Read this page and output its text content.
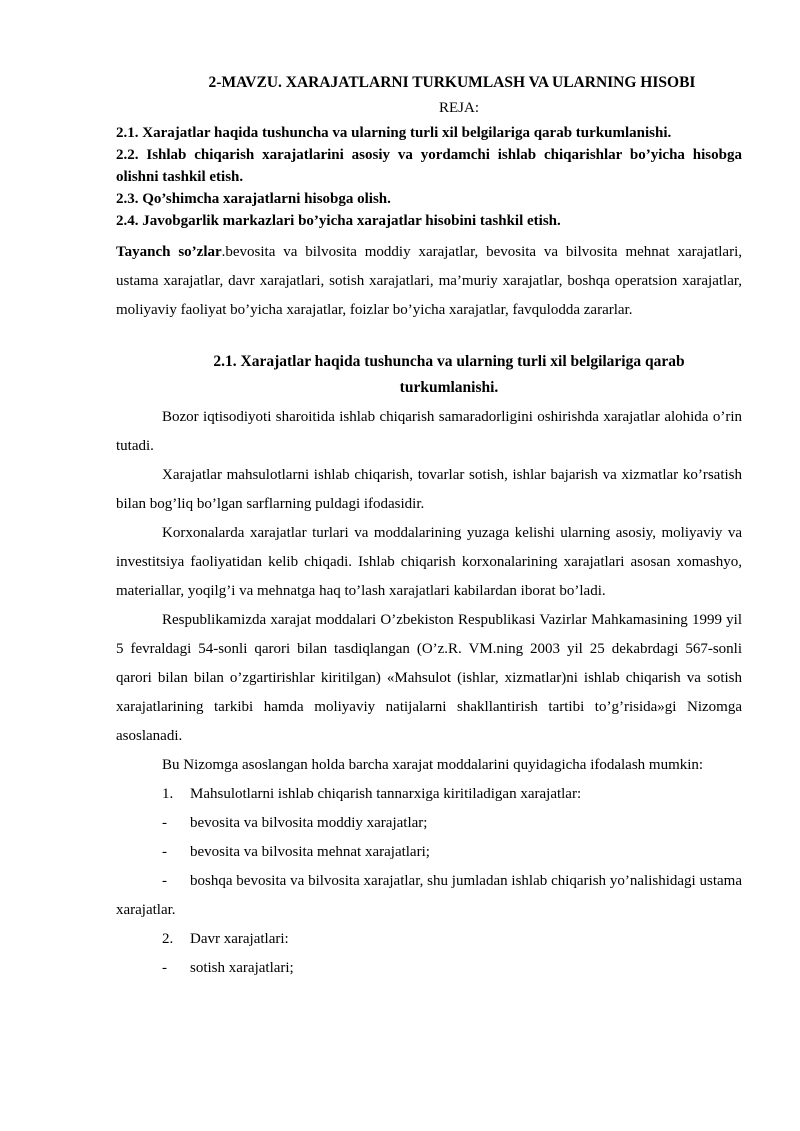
2-MAVZU. XARAJATLARNI TURKUMLASH VA ULARNING HISOBI
REJA:
2.1. Xarajatlar haqida tushuncha va ularning turli xil belgilariga qarab turkumlanishi.
2.2. Ishlab chiqarish xarajatlarini asosiy va yordamchi ishlab chiqarishlar bo’yicha hisobga olishni tashkil etish.
2.3. Qo’shimcha xarajatlarni hisobga olish.
2.4. Javobgarlik markazlari bo’yicha xarajatlar hisobini tashkil etish.
Tayanch so’zlar.bevosita va bilvosita moddiy xarajatlar, bevosita va bilvosita mehnat xarajatlari, ustama xarajatlar, davr xarajatlari, sotish xarajatlari, ma’muriy xarajatlar, boshqa operatsion xarajatlar, moliyaviy faoliyat bo’yicha xarajatlar, foizlar bo’yicha xarajatlar, favqulodda zararlar.
2.1. Xarajatlar haqida tushuncha va ularning turli xil belgilariga qarab
turkumlanishi.

Bozor iqtisodiyoti sharoitida ishlab chiqarish samaradorligini oshirishda xarajatlar alohida o’rin tutadi.

Xarajatlar mahsulotlarni ishlab chiqarish, tovarlar sotish, ishlar bajarish va xizmatlar ko’rsatish bilan bog’liq bo’lgan sarflarning puldagi ifodasidir.

Korxonalarda xarajatlar turlari va moddalarining yuzaga kelishi ularning asosiy, moliyaviy va investitsiya faoliyatidan kelib chiqadi. Ishlab chiqarish korxonalarining xarajatlari asosan xomashyo, materiallar, yoqilg’i va mehnatga haq to’lash xarajatlari kabilardan iborat bo’ladi.

Respublikamizda xarajat moddalari O’zbekiston Respublikasi Vazirlar Mahkamasining 1999 yil 5 fevraldagi 54-sonli qarori bilan tasdiqlangan (O’z.R. VM.ning 2003 yil 25 dekabrdagi 567-sonli qarori bilan bilan o’zgartirishlar kiritilgan) «Mahsulot (ishlar, xizmatlar)ni ishlab chiqarish va sotish xarajatlarining tarkibi hamda moliyaviy natijalarni shakllantirish tartibi to’g’risida»gi Nizomga asoslanadi.

Bu Nizomga asoslangan holda barcha xarajat moddalarini quyidagicha ifodalash mumkin:

1. Mahsulotlarni ishlab chiqarish tannarxiga kiritiladigan xarajatlar:
- bevosita va bilvosita moddiy xarajatlar;
- bevosita va bilvosita mehnat xarajatlari;
- boshqa bevosita va bilvosita xarajatlar, shu jumladan ishlab chiqarish yo’nalishidagi ustama xarajatlar.
2. Davr xarajatlari:
- sotish xarajatlari;
